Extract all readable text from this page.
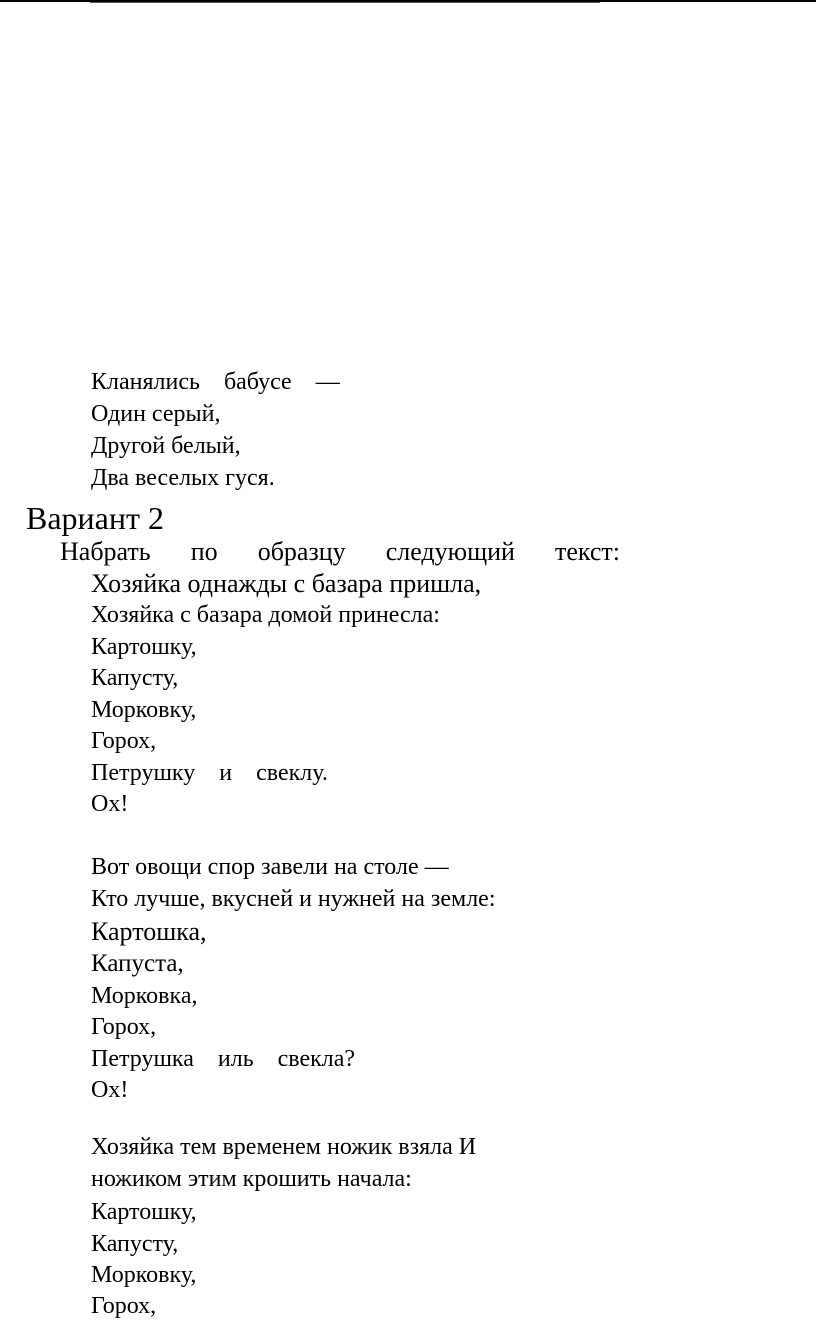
Кланялись    бабусе    —
Один серый,
Другой белый,
Два веселых гуся.
Вариант 2
Набрать по образцу следующий текст:
Хозяйка однажды с базара пришла,
Хозяйка с базара домой принесла:
Картошку,
Капусту,
Морковку,
Горох,
Петрушку    и    свеклу.
Ох!
Вот овощи спор завели на столе —
Кто лучше, вкусней и нужней на земле:
Картошка,
Капуста,
Морковка,
Горох,
Петрушка    иль    свекла?
Ох!
Хозяйка тем временем ножик взяла И
ножиком этим крошить начала:
Картошку,
Капусту,
Морковку,
Горох,
